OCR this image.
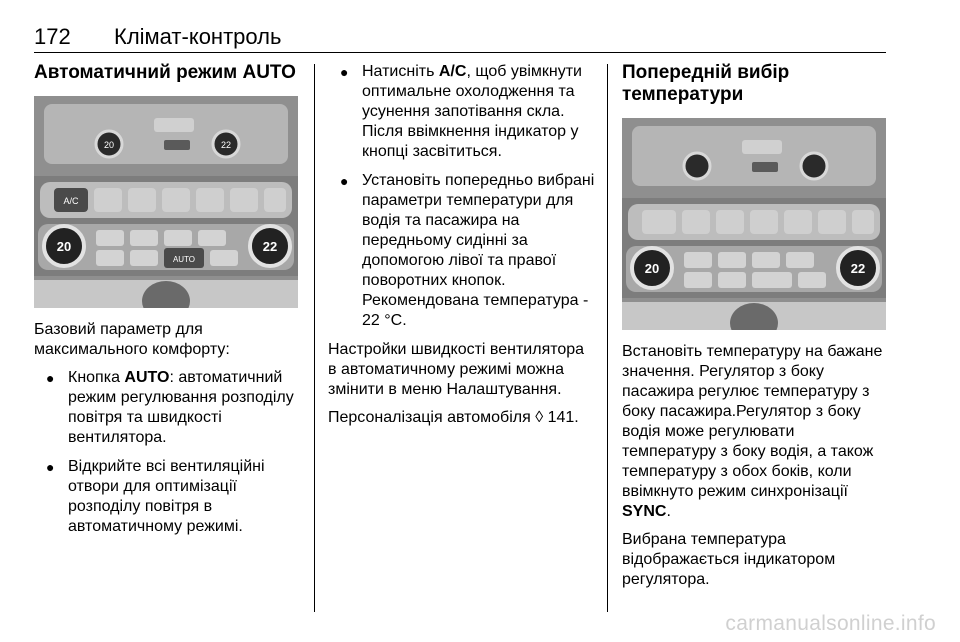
172 Клімат-контроль
Автоматичний режим AUTO
20	22
A/C
20	22
AUTO
Базовий параметр для максимального комфорту:
● Кнопка AUTO: автоматичний режим регулювання розподілу повітря та швидкості вентилятора.
● Відкрийте всі вентиляційні отвори для оптимізації розподілу повітря в автоматичному режимі.
● Натисніть A/C, щоб увімкнути оптимальне охолодження та усунення запотівання скла. Після ввімкнення індикатор у кнопці засвітиться.
● Установіть попередньо вибрані параметри температури для водія та пасажира на передньому сидінні за допомогою лівої та правої поворотних кнопок. Рекомендована температура - 22 °C.
Настройки швидкості вентилятора в автоматичному режимі можна змінити в меню Налаштування.
Персоналізація автомобіля ◊ 141.
Попередній вибір температури
20	22
Встановіть температуру на бажане значення. Регулятор з боку пасажира регулює температуру з боку пасажира.Регулятор з боку водія може регулювати температуру з боку водія, а також температуру з обох боків, коли ввімкнуто режим синхронізації SYNC.
Вибрана температура відображається індикатором регулятора.
carmanualsonline.info
